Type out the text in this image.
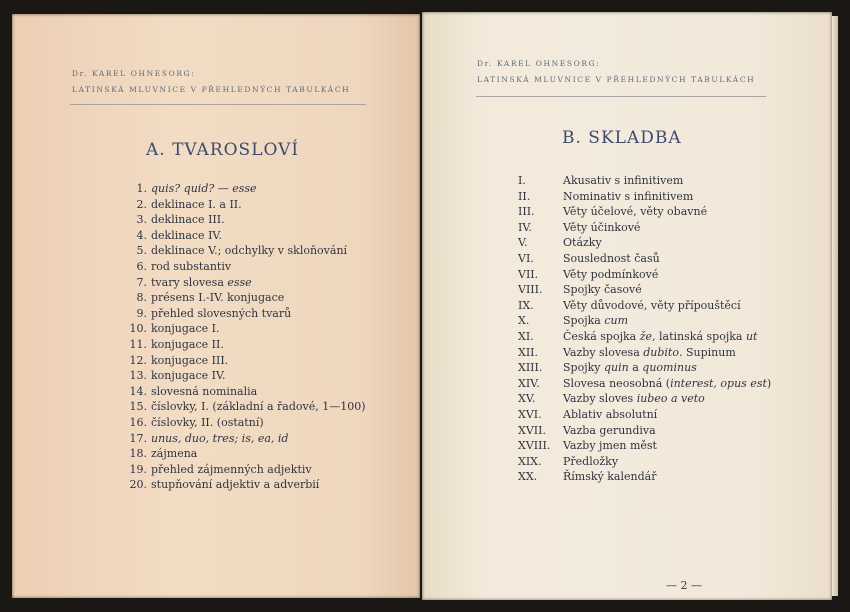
Dr. KAREL OHNESORG:
LATINSKÁ MLUVNICE V PŘEHLEDNÝCH TABULKÁCH
A. TVAROSLOVÍ
1. quis? quid? — esse
2. deklinace I. a II.
3. deklinace III.
4. deklinace IV.
5. deklinace V.; odchylky v skloňování
6. rod substantiv
7. tvary slovesa esse
8. présens I.-IV. konjugace
9. přehled slovesných tvarů
10. konjugace I.
11. konjugace II.
12. konjugace III.
13. konjugace IV.
14. slovesná nominalia
15. číslovky, I. (základní a řadové, 1—100)
16. číslovky, II. (ostatní)
17. unus, duo, tres; is, ea, id
18. zájmena
19. přehled zájmenných adjektiv
20. stupňování adjektiv a adverbií
Dr. KAREL OHNESORG:
LATINSKÁ MLUVNICE V PŘEHLEDNÝCH TABULKÁCH
B. SKLADBA
I.	Akusativ s infinitivem
II.	Nominativ s infinitivem
III.	Věty účelové, věty obavné
IV.	Věty účinkové
V.	Otázky
VI.	Souslednost časů
VII. Věty podmínkové
VIII. Spojky časové
IX.	Věty důvodové, věty přípouštěcí
X.	Spojka cum
XI.	Česká spojka že, latinská spojka ut
XII. Vazby slovesa dubito. Supinum
XIII. Spojky quin a quominus
XIV. Slovesa neosobná (interest, opus est)
XV.	Vazby sloves iubeo a veto
XVI. Ablativ absolutní
XVII. Vazba gerundiva
XVIII. Vazby jmen měst
XIX. Předložky
XX. Římský kalendář
— 2 —
